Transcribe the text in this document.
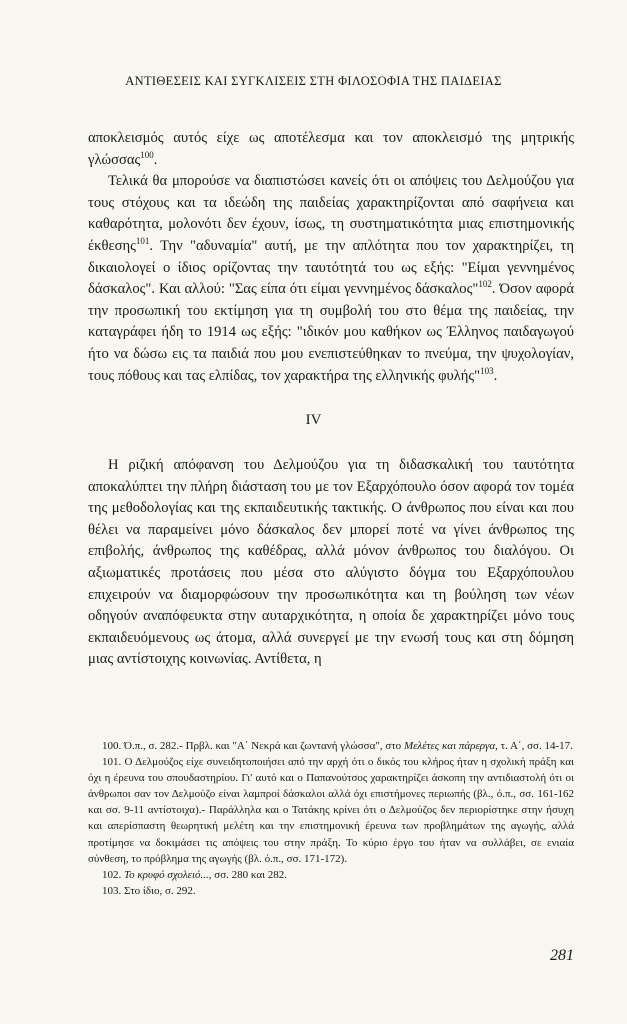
ΑΝΤΙΘΕΣΕΙΣ ΚΑΙ ΣΥΓΚΛΙΣΕΙΣ ΣΤΗ ΦΙΛΟΣΟΦΙΑ ΤΗΣ ΠΑΙΔΕΙΑΣ

αποκλεισμός αυτός είχε ως αποτέλεσμα και τον αποκλεισμό της μητρικής γλώσσας$^{100}$.

Τελικά θα μπορούσε να διαπιστώσει κανείς ότι οι απόψεις του Δελμούζου για τους στόχους και τα ιδεώδη της παιδείας χαρακτηρίζονται από σαφήνεια και καθαρότητα, μολονότι δεν έχουν, ίσως, τη συστηματικότητα μιας επιστημονικής έκθεσης$^{101}$. Την "αδυναμία" αυτή, με την απλότητα που τον χαρακτηρίζει, τη δικαιολογεί ο ίδιος ορίζοντας την ταυτότητά του ως εξής: "Είμαι γεννημένος δάσκαλος". Και αλλού: "Σας είπα ότι είμαι γεννημένος δάσκαλος"$^{102}$. Όσον αφορά την προσωπική του εκτίμηση για τη συμβολή του στο θέμα της παιδείας, την καταγράφει ήδη το 1914 ως εξής: "ιδικόν μου καθήκον ως Έλληνος παιδαγωγού ήτο να δώσω εις τα παιδιά που μου ενεπιστεύθηκαν το πνεύμα, την ψυχολογίαν, τους πόθους και τας ελπίδας, τον χαρακτήρα της ελληνικής φυλής"$^{103}$.

IV

Η ριζική απόφανση του Δελμούζου για τη διδασκαλική του ταυτότητα αποκαλύπτει την πλήρη διάσταση του με τον Εξαρχόπουλο όσον αφορά τον τομέα της μεθοδολογίας και της εκπαιδευτικής τακτικής. Ο άνθρωπος που είναι και που θέλει να παραμείνει μόνο δάσκαλος δεν μπορεί ποτέ να γίνει άνθρωπος της επιβολής, άνθρωπος της καθέδρας, αλλά μόνον άνθρωπος του διαλόγου. Οι αξιωματικές προτάσεις που μέσα στο αλύγιστο δόγμα του Εξαρχόπουλου επιχειρούν να διαμορφώσουν την προσωπικότητα και τη βούληση των νέων οδηγούν αναπόφευκτα στην αυταρχικότητα, η οποία δε χαρακτηρίζει μόνο τους εκπαιδευόμενους ως άτομα, αλλά συνεργεί με την ενωσή τους και στη δόμηση μιας αντίστοιχης κοινωνίας. Αντίθετα, η

100. Ό.π., σ. 282.- Πρβλ. και "Α΄ Νεκρά και ζωντανή γλώσσα", στο Μελέτες και πάρεργα, τ. Α΄, σσ. 14-17.

101. Ο Δελμούζος είχε συνειδητοποιήσει από την αρχή ότι ο δικός του κλήρος ήταν η σχολική πράξη και όχι η έρευνα του σπουδαστηρίου. Γι' αυτό και ο Παπανούτσος χαρακτηρίζει άσκοπη την αντιδιαστολή ότι οι άνθρωποι σαν τον Δελμούζο είναι λαμπροί δάσκαλοι αλλά όχι επιστήμονες περιωπής (βλ., ό.π., σσ. 161-162 και σσ. 9-11 αντίστοιχα).- Παράλληλα και ο Τατάκης κρίνει ότι ο Δελμούζος δεν περιορίστηκε στην ήσυχη και απερίσπαστη θεωρητική μελέτη και την επιστημονική έρευνα των προβλημάτων της αγωγής, αλλά προτίμησε να δοκιμάσει τις απόψεις του στην πράξη. Το κύριο έργο του ήταν να συλλάβει, σε ενιαία σύνθεση, το πρόβλημα της αγωγής (βλ. ό.π., σσ. 171-172).

102. Το κρυφό σχολειό..., σσ. 280 και 282.

103. Στο ίδιο, σ. 292.

281
